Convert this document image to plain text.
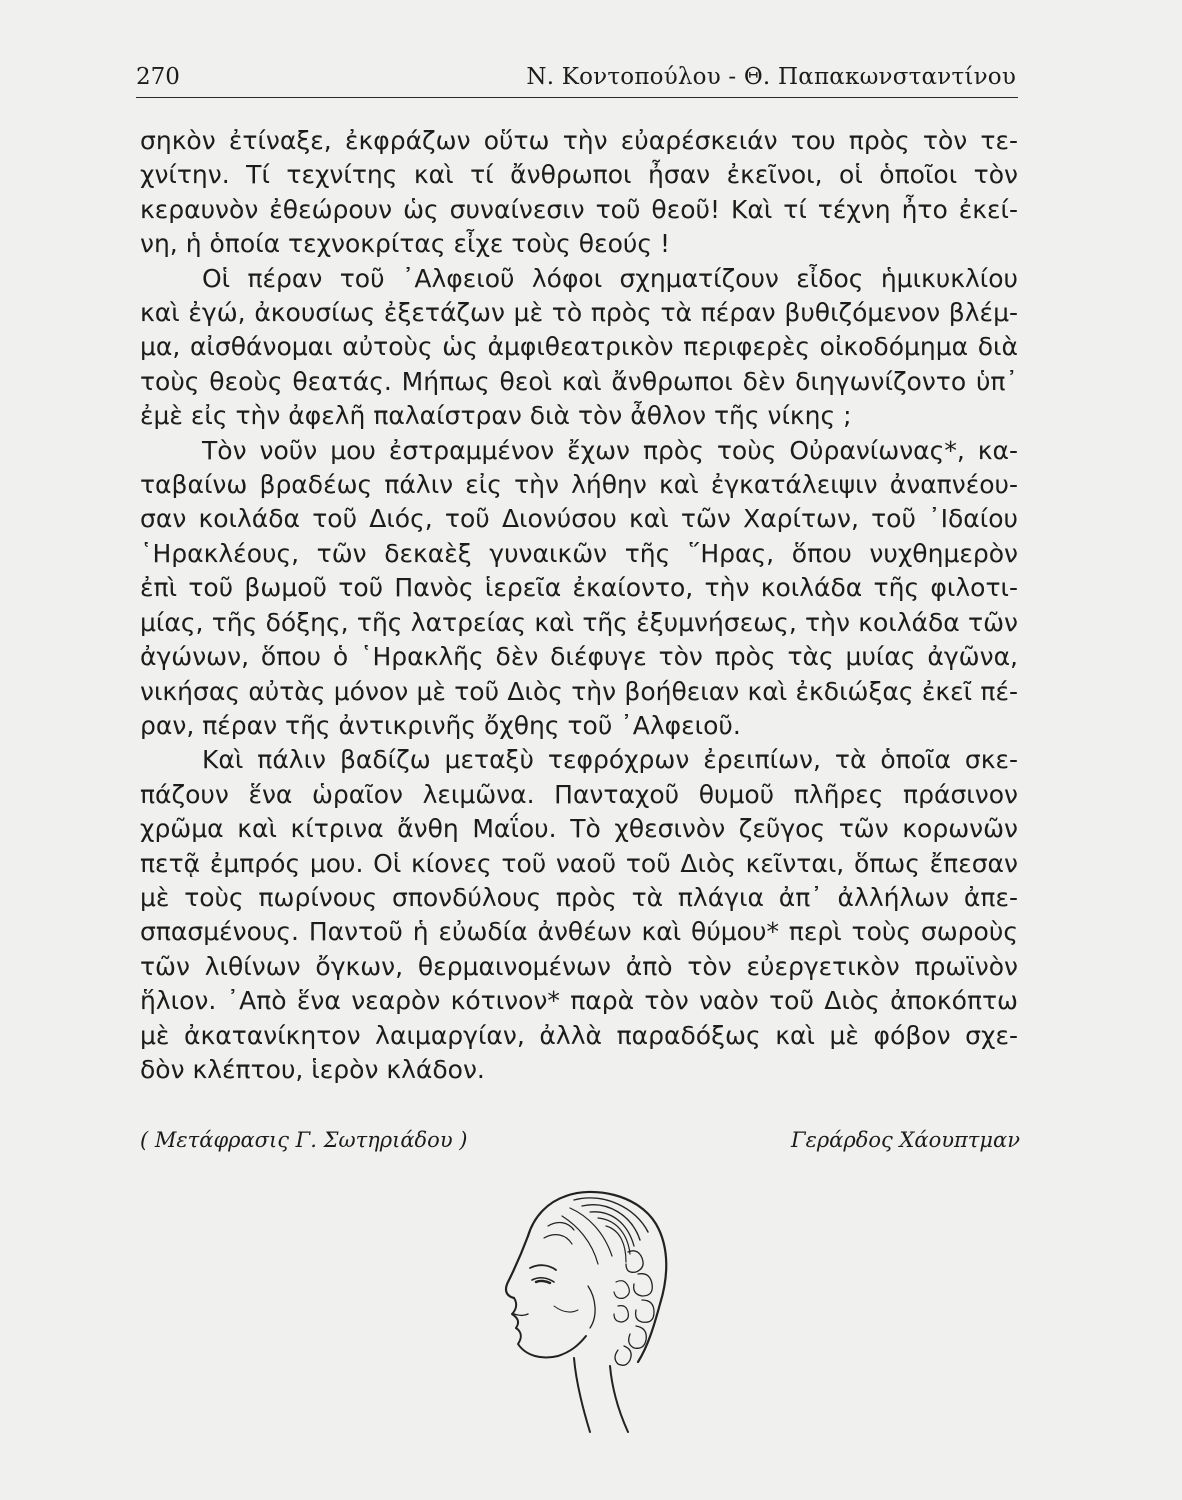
270	Ν. Κοντοπούλου - Θ. Παπακωνσταντίνου
σηκὸν ἐτίναξε, ἐκφράζων οὕτω τὴν εὐαρέσκειάν του πρὸς τὸν τε-
χνίτην. Τί τεχνίτης καὶ τί ἄνθρωποι ἦσαν ἐκεῖνοι, οἱ ὁποῖοι τὸν
κεραυνὸν ἐθεώρουν ὡς συναίνεσιν τοῦ θεοῦ! Καὶ τί τέχνη ἦτο ἐκεί-
νη, ἡ ὁποία τεχνοκρίτας εἶχε τοὺς θεούς !
Οἱ πέραν τοῦ ᾿Αλφειοῦ λόφοι σχηματίζουν εἶδος ἡμικυκλίου
καὶ ἐγώ, ἀκουσίως ἐξετάζων μὲ τὸ πρὸς τὰ πέραν βυθιζόμενον βλέμ-
μα, αἰσθάνομαι αὐτοὺς ὡς ἀμφιθεατρικὸν περιφερὲς οἰκοδόμημα διὰ
τοὺς θεοὺς θεατάς. Μήπως θεοὶ καὶ ἄνθρωποι δὲν διηγωνίζοντο ὑπ᾿
ἐμὲ εἰς τὴν ἀφελῆ παλαίστραν διὰ τὸν ἆθλον τῆς νίκης ;
Τὸν νοῦν μου ἐστραμμένον ἔχων πρὸς τοὺς Οὐρανίωνας*, κα-
ταβαίνω βραδέως πάλιν εἰς τὴν λήθην καὶ ἐγκατάλειψιν ἀναπνέου-
σαν κοιλάδα τοῦ Διός, τοῦ Διονύσου καὶ τῶν Χαρίτων, τοῦ ᾿Ιδαίου
῾Ηρακλέους, τῶν δεκαὲξ γυναικῶν τῆς ῞Ηρας, ὅπου νυχθημερὸν
ἐπὶ τοῦ βωμοῦ τοῦ Πανὸς ἱερεῖα ἐκαίοντο, τὴν κοιλάδα τῆς φιλοτι-
μίας, τῆς δόξης, τῆς λατρείας καὶ τῆς ἐξυμνήσεως, τὴν κοιλάδα τῶν
ἀγώνων, ὅπου ὁ ῾Ηρακλῆς δὲν διέφυγε τὸν πρὸς τὰς μυίας ἀγῶνα,
νικήσας αὐτὰς μόνον μὲ τοῦ Διὸς τὴν βοήθειαν καὶ ἐκδιώξας ἐκεῖ πέ-
ραν, πέραν τῆς ἀντικρινῆς ὄχθης τοῦ ᾿Αλφειοῦ.
Καὶ πάλιν βαδίζω μεταξὺ τεφρόχρων ἐρειπίων, τὰ ὁποῖα σκε-
πάζουν ἕνα ὡραῖον λειμῶνα. Πανταχοῦ θυμοῦ πλῆρες πράσινον
χρῶμα καὶ κίτρινα ἄνθη Μαΐου. Τὸ χθεσινὸν ζεῦγος τῶν κορωνῶν
πετᾷ ἐμπρός μου. Οἱ κίονες τοῦ ναοῦ τοῦ Διὸς κεῖνται, ὅπως ἔπεσαν
μὲ τοὺς πωρίνους σπονδύλους πρὸς τὰ πλάγια ἀπ᾿ ἀλλήλων ἀπε-
σπασμένους. Παντοῦ ἡ εὐωδία ἀνθέων καὶ θύμου* περὶ τοὺς σωροὺς
τῶν λιθίνων ὄγκων, θερμαινομένων ἀπὸ τὸν εὐεργετικὸν πρωϊνὸν
ἥλιον. ᾿Απὸ ἕνα νεαρὸν κότινον* παρὰ τὸν ναὸν τοῦ Διὸς ἀποκόπτω
μὲ ἀκατανίκητον λαιμαργίαν, ἀλλὰ παραδόξως καὶ μὲ φόβον σχε-
δὸν κλέπτου, ἱερὸν κλάδον.
( Μετάφρασις Γ. Σωτηριάδου )	Γεράρδος Χάουπτμαν
